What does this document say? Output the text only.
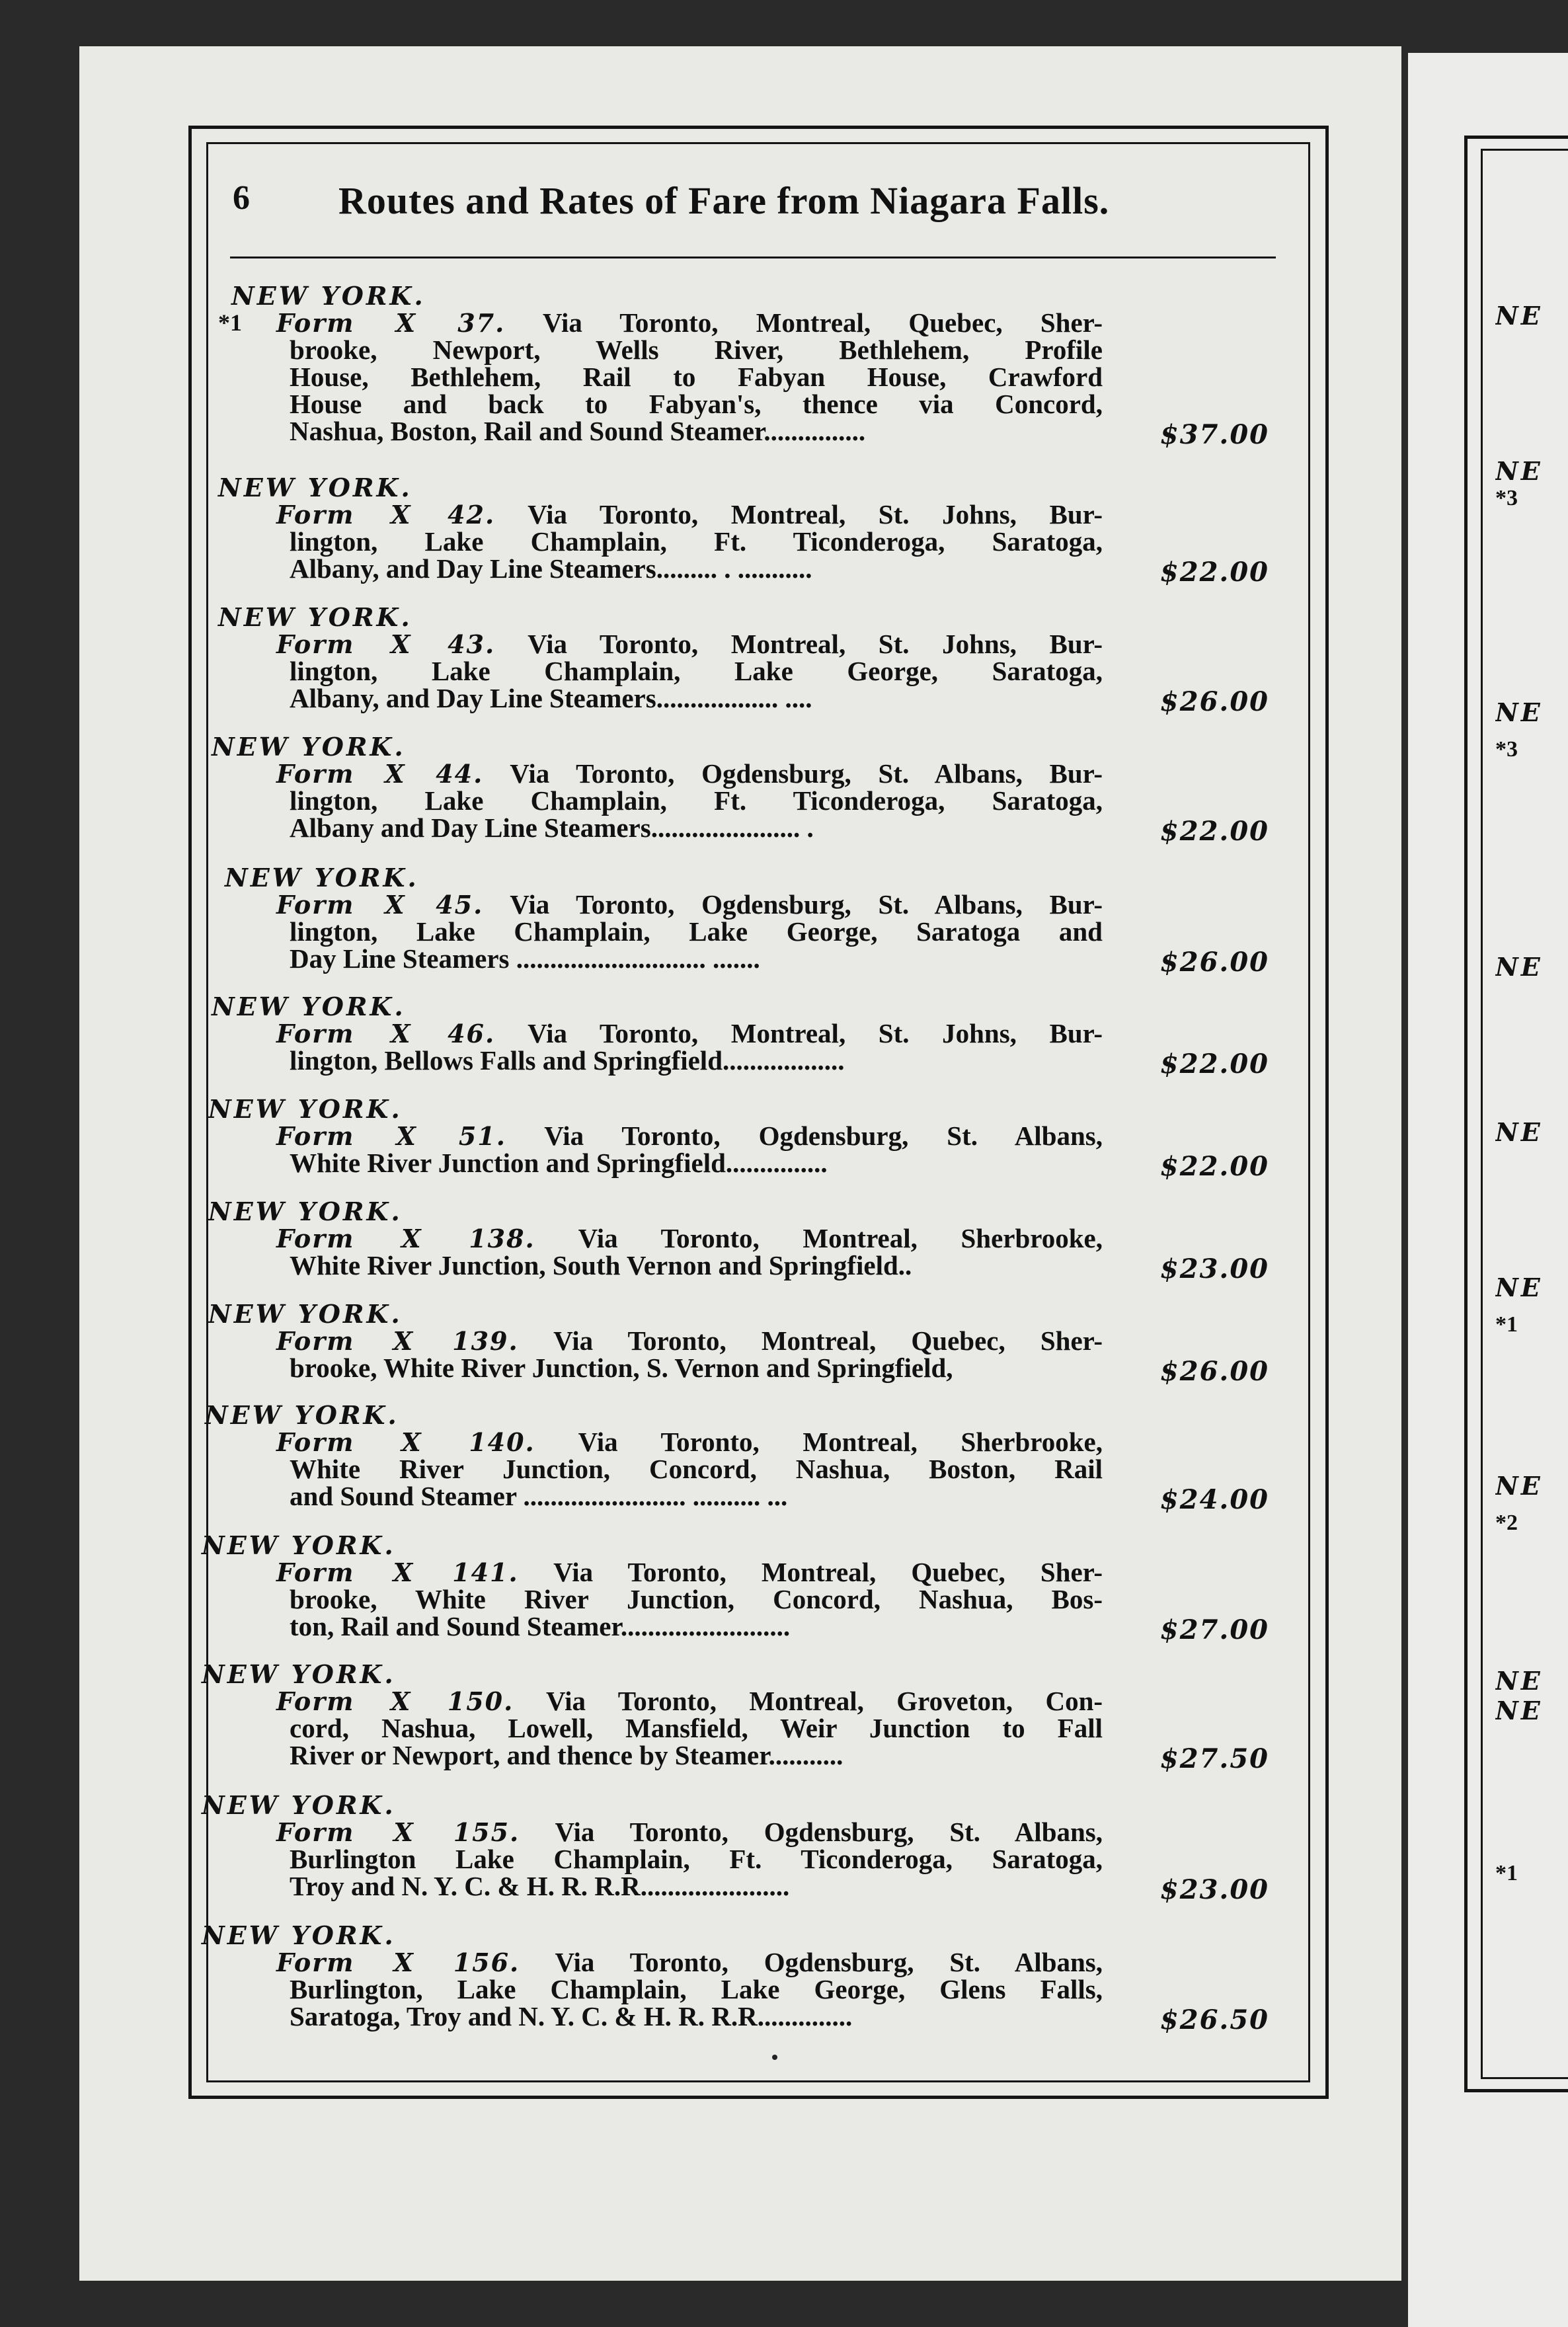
6 Routes and Rates of Fare from Niagara Falls.
NEW YORK.
*1 Form X 37. Via Toronto, Montreal, Quebec, Sher-
brooke, Newport, Wells River, Bethlehem, Profile
House, Bethlehem, Rail to Fabyan House, Crawford
House and back to Fabyan's, thence via Concord,
Nashua, Boston, Rail and Sound Steamer...............	$37.00
NEW YORK.
Form X 42. Via Toronto, Montreal, St. Johns, Bur-
lington, Lake Champlain, Ft. Ticonderoga, Saratoga,
Albany, and Day Line Steamers......... . ...........	$22.00
NEW YORK.
Form X 43. Via Toronto, Montreal, St. Johns, Bur-
lington, Lake Champlain, Lake George, Saratoga,
Albany, and Day Line Steamers.................. ....	$26.00
NEW YORK.
Form X 44. Via Toronto, Ogdensburg, St. Albans, Bur-
lington, Lake Champlain, Ft. Ticonderoga, Saratoga,
Albany and Day Line Steamers...................... .	$22.00
NEW YORK.
Form X 45. Via Toronto, Ogdensburg, St. Albans, Bur-
lington, Lake Champlain, Lake George, Saratoga and
Day Line Steamers ............................ .......	$26.00
NEW YORK.
Form X 46. Via Toronto, Montreal, St. Johns, Bur-
lington, Bellows Falls and Springfield..................	$22.00
NEW YORK.
Form X 51. Via Toronto, Ogdensburg, St. Albans,
White River Junction and Springfield...............	$22.00
NEW YORK.
Form X 138. Via Toronto, Montreal, Sherbrooke,
White River Junction, South Vernon and Springfield..	$23.00
NEW YORK.
Form X 139. Via Toronto, Montreal, Quebec, Sher-
brooke, White River Junction, S. Vernon and Springfield,	$26.00
NEW YORK.
Form X 140. Via Toronto, Montreal, Sherbrooke,
White River Junction, Concord, Nashua, Boston, Rail
and Sound Steamer ........................ .......... ...	$24.00
NEW YORK.
Form X 141. Via Toronto, Montreal, Quebec, Sher-
brooke, White River Junction, Concord, Nashua, Bos-
ton, Rail and Sound Steamer.........................	$27.00
NEW YORK.
Form X 150. Via Toronto, Montreal, Groveton, Con-
cord, Nashua, Lowell, Mansfield, Weir Junction to Fall
River or Newport, and thence by Steamer...........	$27.50
NEW YORK.
Form X 155. Via Toronto, Ogdensburg, St. Albans,
Burlington Lake Champlain, Ft. Ticonderoga, Saratoga,
Troy and N. Y. C. & H. R. R.R......................	$23.00
NEW YORK.
Form X 156. Via Toronto, Ogdensburg, St. Albans,
Burlington, Lake Champlain, Lake George, Glens Falls,
Saratoga, Troy and N. Y. C. & H. R. R.R..............	$26.50
NE
NE
*3
NE
*3
NE
NE
NE
*1
NE
*2
NE
NE
*1
